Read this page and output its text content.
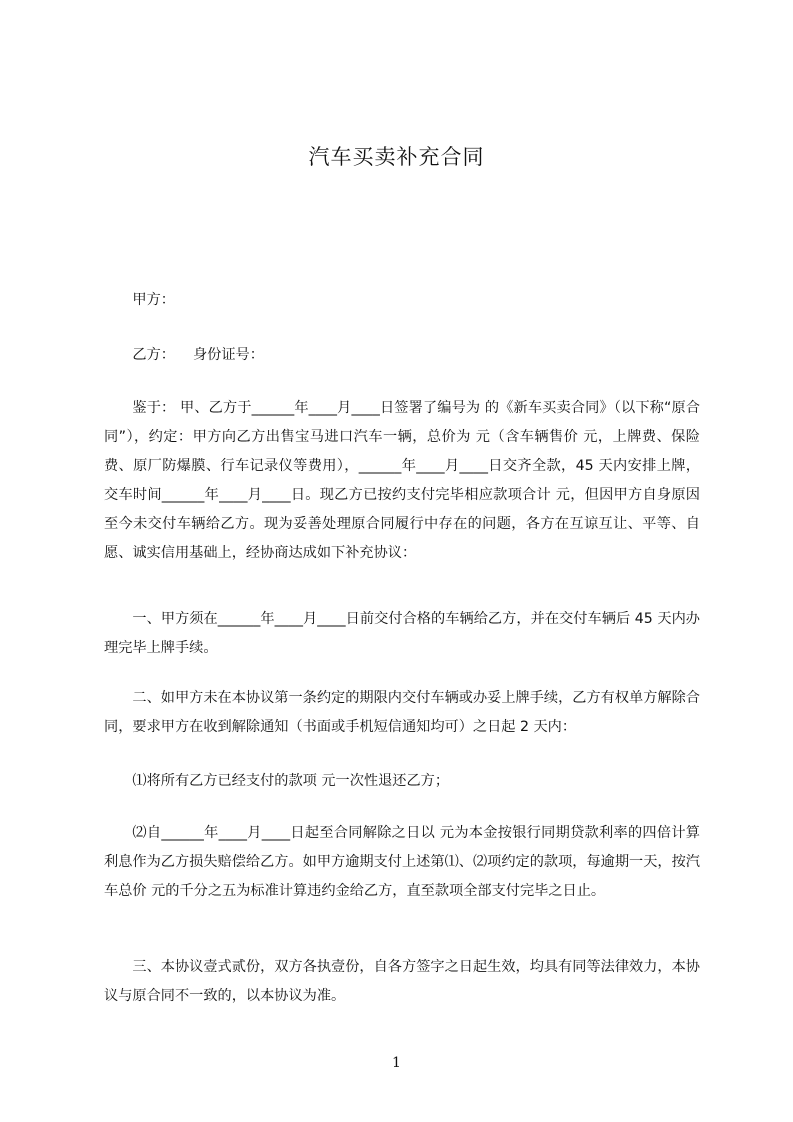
汽车买卖补充合同

甲方：

乙方： 身份证号：

鉴于： 甲、乙方于______年____月____日签署了编号为 的《新车买卖合同》（以下称“原合同”），约定：甲方向乙方出售宝马进口汽车一辆，总价为 元（含车辆售价 元，上牌费、保险费、原厂防爆膜、行车记录仪等费用），______年____月____日交齐全款，45 天内安排上牌，交车时间______年____月____日。现乙方已按约支付完毕相应款项合计 元，但因甲方自身原因至今未交付车辆给乙方。现为妥善处理原合同履行中存在的问题，各方在互谅互让、平等、自愿、诚实信用基础上，经协商达成如下补充协议：

一、甲方须在______年____月____日前交付合格的车辆给乙方，并在交付车辆后 45 天内办理完毕上牌手续。

二、如甲方未在本协议第一条约定的期限内交付车辆或办妥上牌手续，乙方有权单方解除合同，要求甲方在收到解除通知（书面或手机短信通知均可）之日起 2 天内：

⑴将所有乙方已经支付的款项 元一次性退还乙方；

⑵自______年____月____日起至合同解除之日以 元为本金按银行同期贷款利率的四倍计算利息作为乙方损失赔偿给乙方。如甲方逾期支付上述第⑴、⑵项约定的款项，每逾期一天，按汽车总价 元的千分之五为标准计算违约金给乙方，直至款项全部支付完毕之日止。

三、本协议壹式贰份，双方各执壹份，自各方签字之日起生效，均具有同等法律效力，本协议与原合同不一致的，以本协议为准。

1
